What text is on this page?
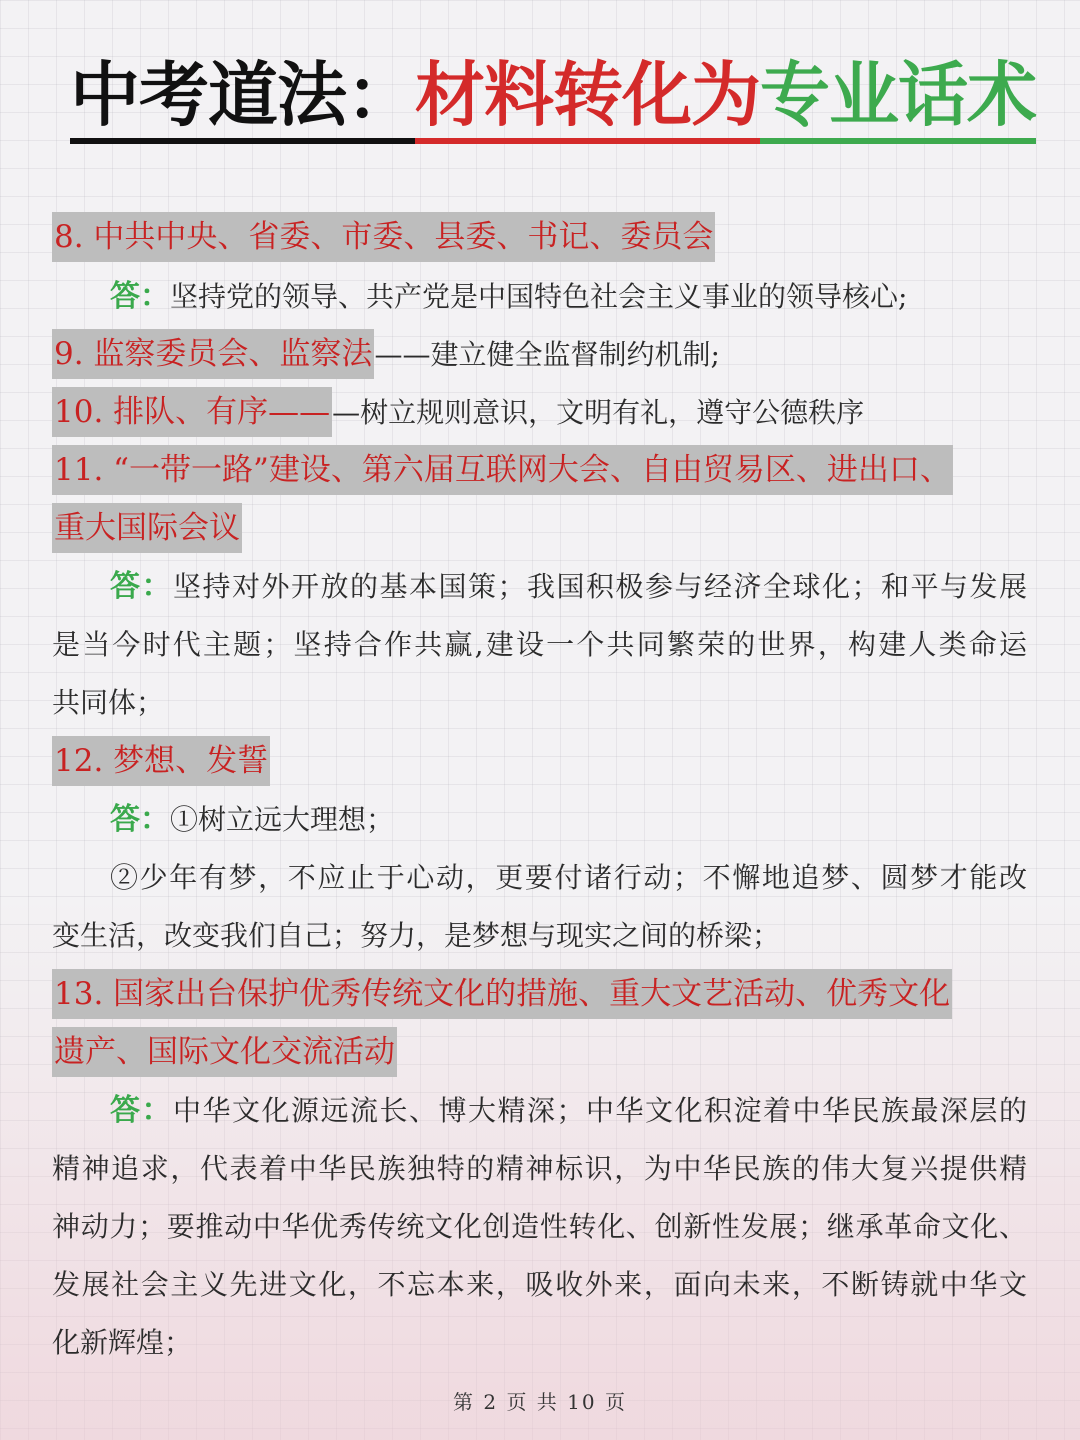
中考道法：材料转化为专业话术
8. 中共中央、省委、市委、县委、书记、委员会
答：坚持党的领导、共产党是中国特色社会主义事业的领导核心;
9. 监察委员会、监察法——建立健全监督制约机制;
10. 排队、有序———树立规则意识，文明有礼，遵守公德秩序
11. “一带一路”建设、第六届互联网大会、自由贸易区、进出口、
重大国际会议
答：坚持对外开放的基本国策；我国积极参与经济全球化；和平与发展
是当今时代主题；坚持合作共赢,建设一个共同繁荣的世界，构建人类命运
共同体；
12. 梦想、发誓
答：①树立远大理想；
②少年有梦，不应止于心动，更要付诸行动；不懈地追梦、圆梦才能改
变生活，改变我们自己；努力，是梦想与现实之间的桥梁；
13. 国家出台保护优秀传统文化的措施、重大文艺活动、优秀文化
遗产、国际文化交流活动
答：中华文化源远流长、博大精深；中华文化积淀着中华民族最深层的
精神追求，代表着中华民族独特的精神标识，为中华民族的伟大复兴提供精
神动力；要推动中华优秀传统文化创造性转化、创新性发展；继承革命文化、
发展社会主义先进文化，不忘本来，吸收外来，面向未来，不断铸就中华文
化新辉煌；
第 2 页 共 10 页
